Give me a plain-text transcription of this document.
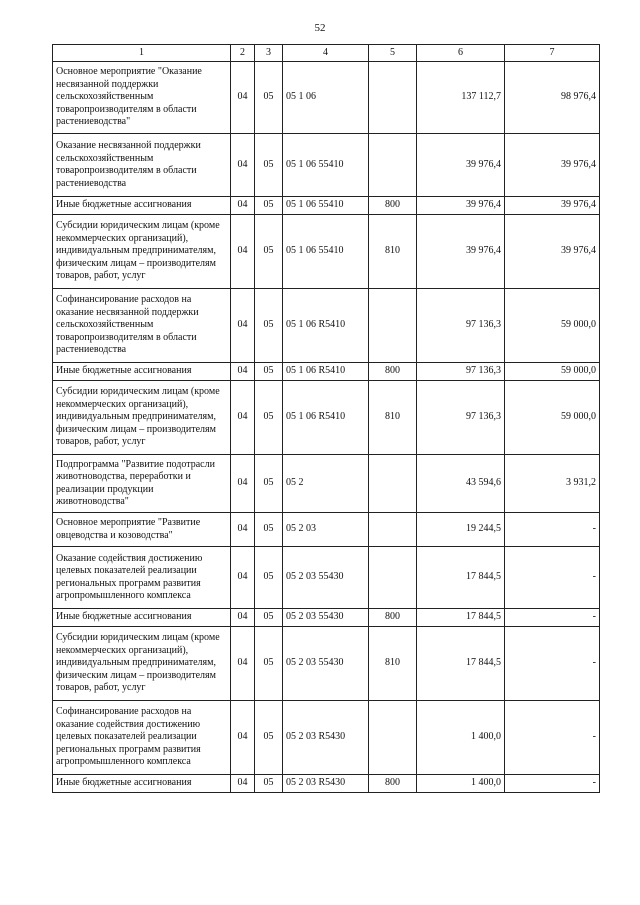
52
1	2	3	4	5	6	7
Основное мероприятие "Оказание несвязанной поддержки сельскохозяйственным товаропроизводителям в области растениеводства"	04	05	05 1 06		137 112,7	98 976,4
Оказание несвязанной поддержки сельскохозяйственным товаропроизводителям в области растениеводства	04	05	05 1 06 55410		39 976,4	39 976,4
Иные бюджетные ассигнования	04	05	05 1 06 55410	800	39 976,4	39 976,4
Субсидии юридическим лицам (кроме некоммерческих организаций), индивидуальным предпринимателям, физическим лицам – производителям товаров, работ, услуг	04	05	05 1 06 55410	810	39 976,4	39 976,4
Софинансирование расходов на оказание несвязанной поддержки сельскохозяйственным товаропроизводителям в области растениеводства	04	05	05 1 06 R5410		97 136,3	59 000,0
Иные бюджетные ассигнования	04	05	05 1 06 R5410	800	97 136,3	59 000,0
Субсидии юридическим лицам (кроме некоммерческих организаций), индивидуальным предпринимателям, физическим лицам – производителям товаров, работ, услуг	04	05	05 1 06 R5410	810	97 136,3	59 000,0
Подпрограмма "Развитие подотрасли животноводства, переработки и реализации продукции животноводства"	04	05	05 2		43 594,6	3 931,2
Основное мероприятие "Развитие овцеводства и козоводства"	04	05	05 2 03		19 244,5	-
Оказание содействия достижению целевых показателей реализации региональных программ развития агропромышленного комплекса	04	05	05 2 03 55430		17 844,5	-
Иные бюджетные ассигнования	04	05	05 2 03 55430	800	17 844,5	-
Субсидии юридическим лицам (кроме некоммерческих организаций), индивидуальным предпринимателям, физическим лицам – производителям товаров, работ, услуг	04	05	05 2 03 55430	810	17 844,5	-
Софинансирование расходов на оказание содействия достижению целевых показателей реализации региональных программ развития агропромышленного комплекса	04	05	05 2 03 R5430		1 400,0	-
Иные бюджетные ассигнования	04	05	05 2 03 R5430	800	1 400,0	-
